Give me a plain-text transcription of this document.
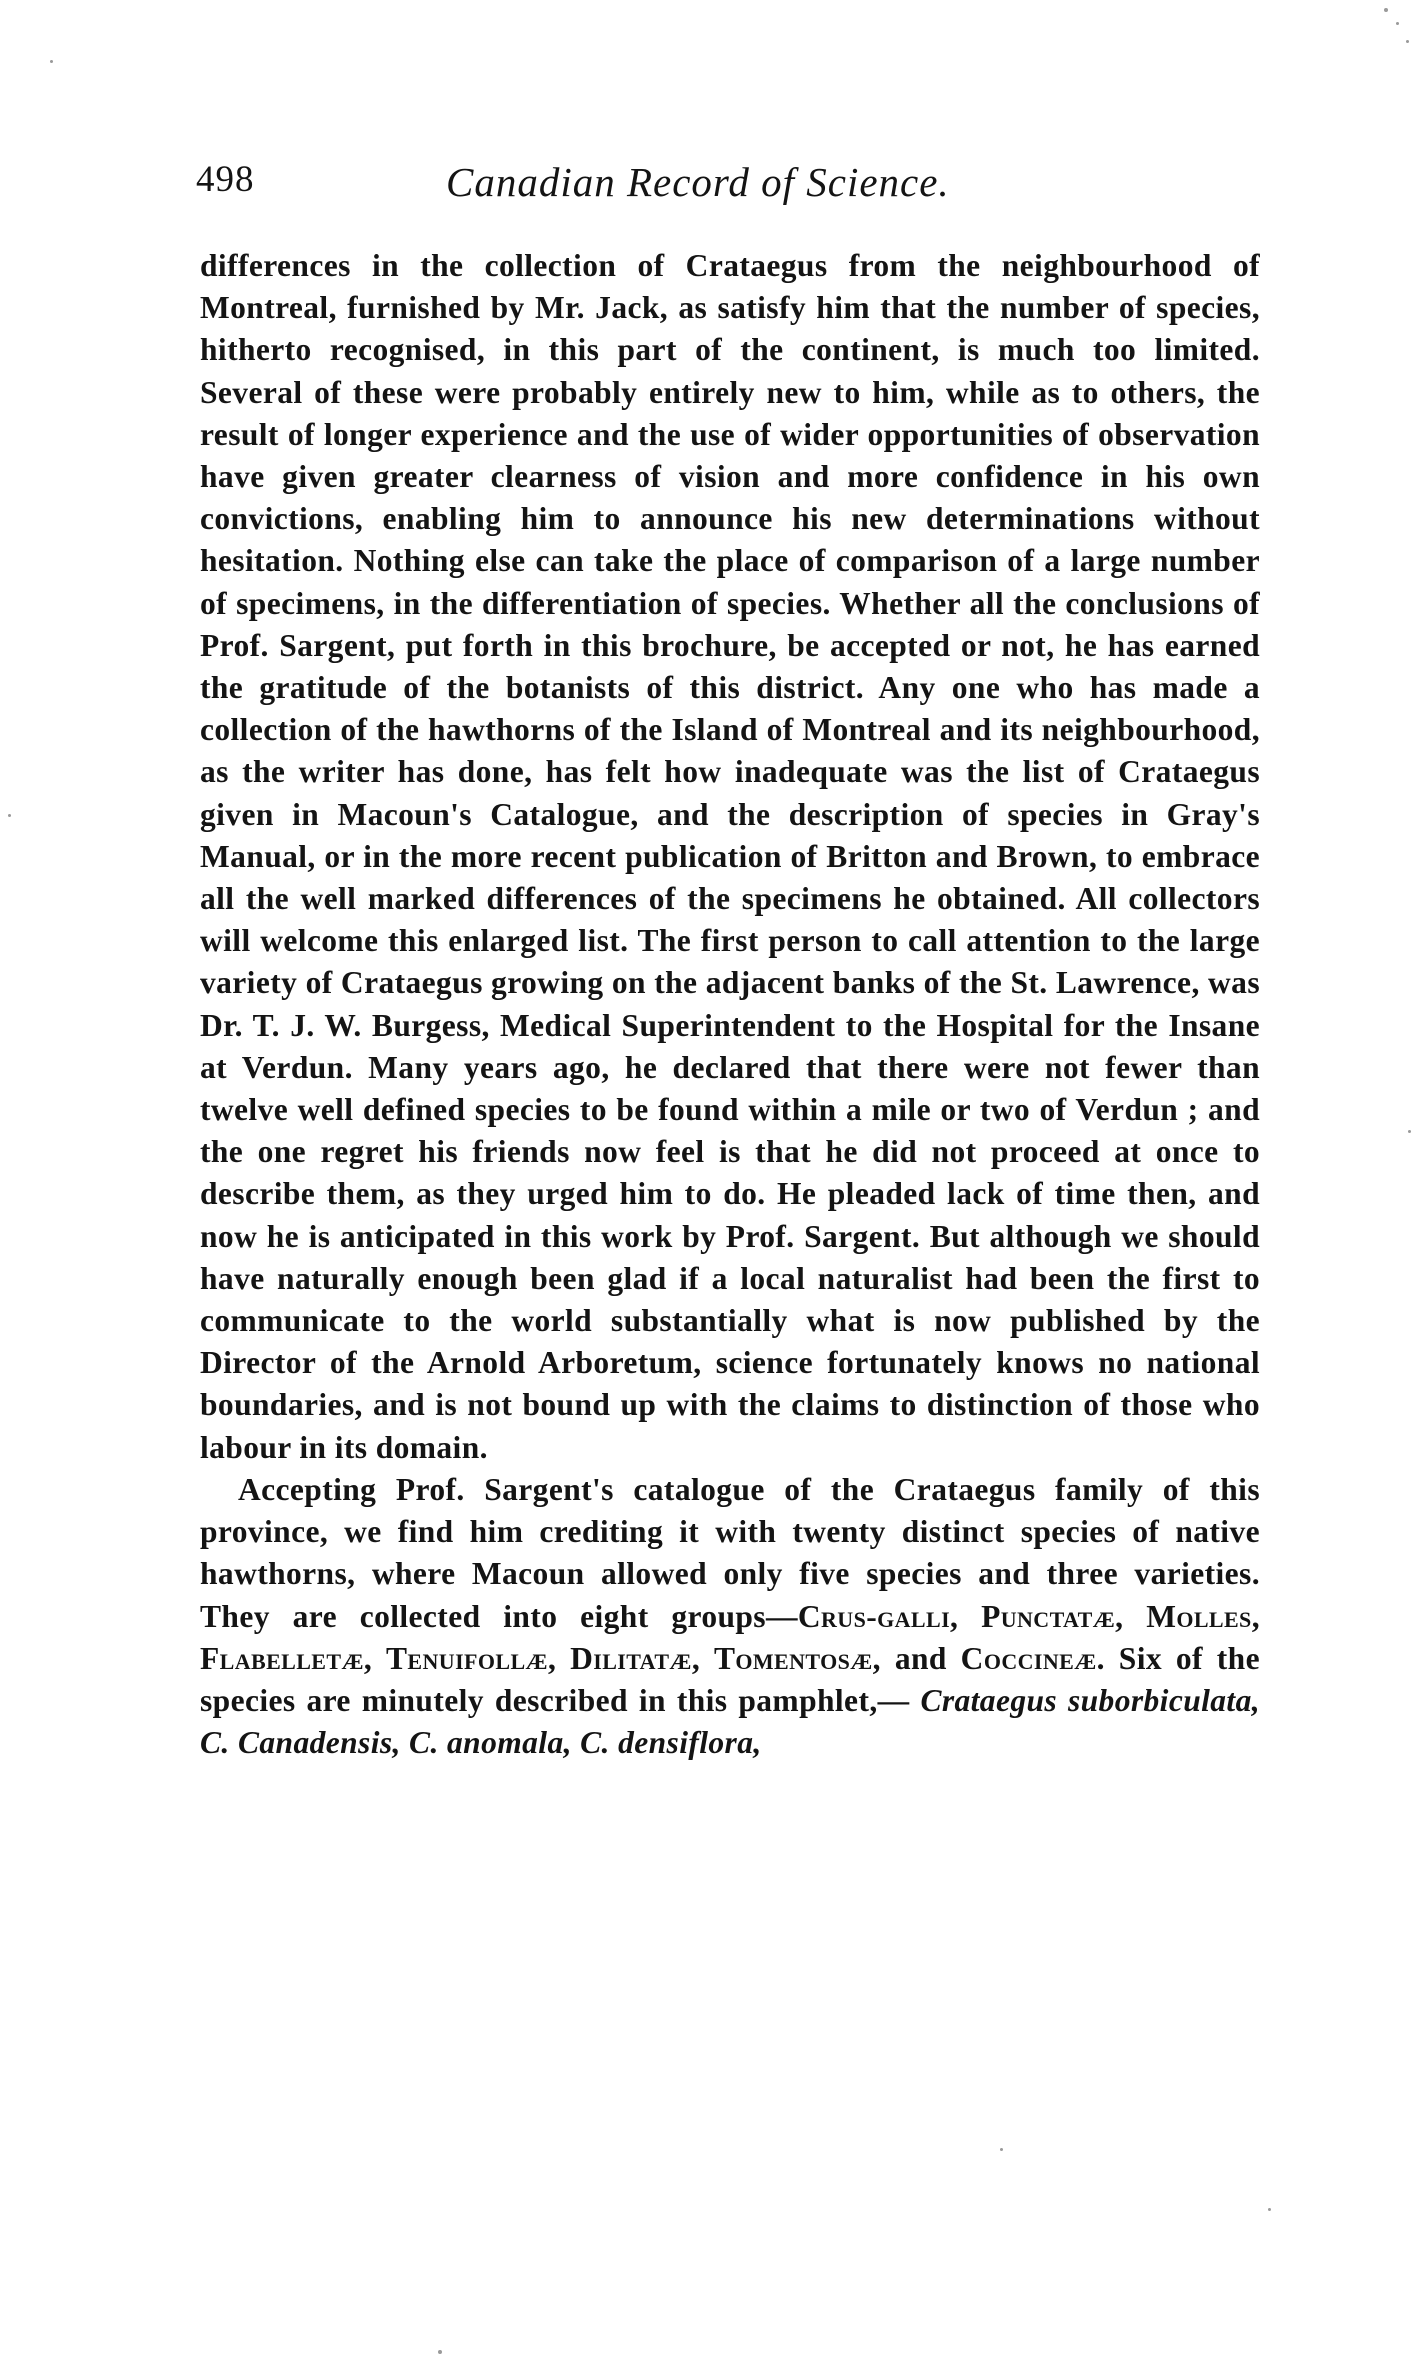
498	Canadian Record of Science.

differences in the collection of Crataegus from the neighbourhood of Montreal, furnished by Mr. Jack, as satisfy him that the number of species, hitherto recognised, in this part of the continent, is much too limited. Several of these were probably entirely new to him, while as to others, the result of longer experience and the use of wider opportunities of observation have given greater clearness of vision and more confidence in his own convictions, enabling him to announce his new determinations without hesitation. Nothing else can take the place of comparison of a large number of specimens, in the differentiation of species. Whether all the conclusions of Prof. Sargent, put forth in this brochure, be accepted or not, he has earned the gratitude of the botanists of this district. Any one who has made a collection of the hawthorns of the Island of Montreal and its neighbourhood, as the writer has done, has felt how inadequate was the list of Crataegus given in Macoun's Catalogue, and the description of species in Gray's Manual, or in the more recent publication of Britton and Brown, to embrace all the well marked differences of the specimens he obtained. All collectors will welcome this enlarged list. The first person to call attention to the large variety of Crataegus growing on the adjacent banks of the St. Lawrence, was Dr. T. J. W. Burgess, Medical Superintendent to the Hospital for the Insane at Verdun. Many years ago, he declared that there were not fewer than twelve well defined species to be found within a mile or two of Verdun ; and the one regret his friends now feel is that he did not proceed at once to describe them, as they urged him to do. He pleaded lack of time then, and now he is anticipated in this work by Prof. Sargent. But although we should have naturally enough been glad if a local naturalist had been the first to communicate to the world substantially what is now published by the Director of the Arnold Arboretum, science fortunately knows no national boundaries, and is not bound up with the claims to distinction of those who labour in its domain.

Accepting Prof. Sargent's catalogue of the Crataegus family of this province, we find him crediting it with twenty distinct species of native hawthorns, where Macoun allowed only five species and three varieties. They are collected into eight groups—Crus-galli, Punctatæ, Molles, Flabelletæ, Tenuifollæ, Dilitatæ, Tomentosæ, and Coccineæ. Six of the species are minutely described in this pamphlet,— Crataegus suborbiculata, C. Canadensis, C. anomala, C. densiflora,
